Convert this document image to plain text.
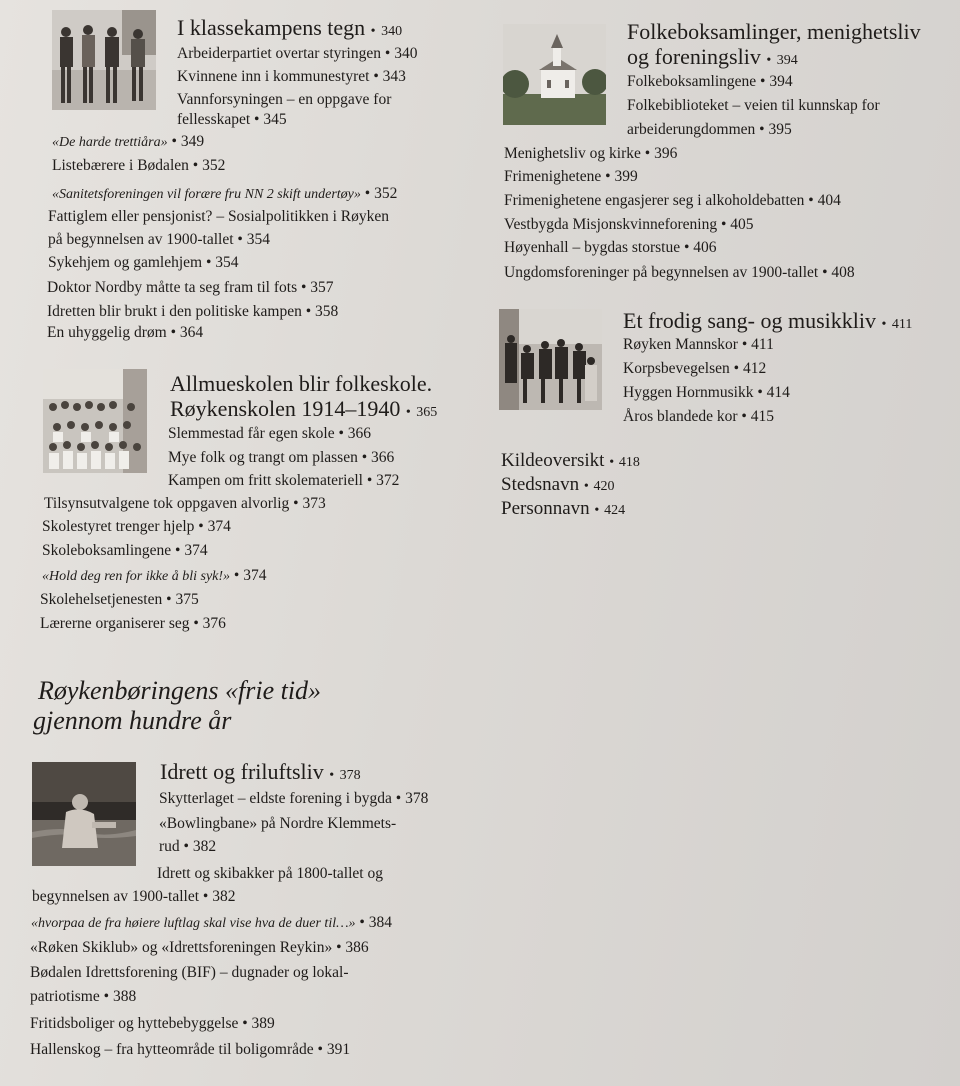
I klassekampens tegn • 340
Arbeiderpartiet overtar styringen • 340
Kvinnene inn i kommunestyret • 343
Vannforsyningen – en oppgave for
fellesskapet • 345
«De harde trettiåra» • 349
Listebærere i Bødalen • 352
«Sanitetsforeningen vil forære fru NN 2 skift undertøy» • 352
Fattiglem eller pensjonist? – Sosialpolitikken i Røyken
på begynnelsen av 1900-tallet • 354
Sykehjem og gamlehjem • 354
Doktor Nordby måtte ta seg fram til fots • 357
Idretten blir brukt i den politiske kampen • 358
En uhyggelig drøm • 364
Allmueskolen blir folkeskole.
Røykenskolen 1914–1940 • 365
Slemmestad får egen skole • 366
Mye folk og trangt om plassen • 366
Kampen om fritt skolemateriell • 372
Tilsynsutvalgene tok oppgaven alvorlig • 373
Skolestyret trenger hjelp • 374
Skoleboksamlingene • 374
«Hold deg ren for ikke å bli syk!» • 374
Skolehelsetjenesten • 375
Lærerne organiserer seg • 376
Røykenbøringens «frie tid»
gjennom hundre år
Idrett og friluftsliv • 378
Skytterlaget – eldste forening i bygda • 378
«Bowlingbane» på Nordre Klemmets-
rud • 382
Idrett og skibakker på 1800-tallet og
begynnelsen av 1900-tallet • 382
«hvorpaa de fra høiere luftlag skal vise hva de duer til…» • 384
«Røken Skiklub» og «Idrettsforeningen Reykin» • 386
Bødalen Idrettsforening (BIF) – dugnader og lokal-
patriotisme • 388
Fritidsboliger og hyttebebyggelse • 389
Hallenskog – fra hytteområde til boligområde • 391
Folkeboksamlinger, menighetsliv
og foreningsliv • 394
Folkeboksamlingene • 394
Folkebiblioteket – veien til kunnskap for
arbeiderungdommen • 395
Menighetsliv og kirke • 396
Frimenighetene • 399
Frimenighetene engasjerer seg i alkoholdebatten • 404
Vestbygda Misjonskvinneforening • 405
Høyenhall – bygdas storstue • 406
Ungdomsforeninger på begynnelsen av 1900-tallet • 408
Et frodig sang- og musikkliv • 411
Røyken Mannskor • 411
Korpsbevegelsen • 412
Hyggen Hornmusikk • 414
Åros blandede kor • 415
Kildeoversikt • 418
Stedsnavn • 420
Personnavn • 424
